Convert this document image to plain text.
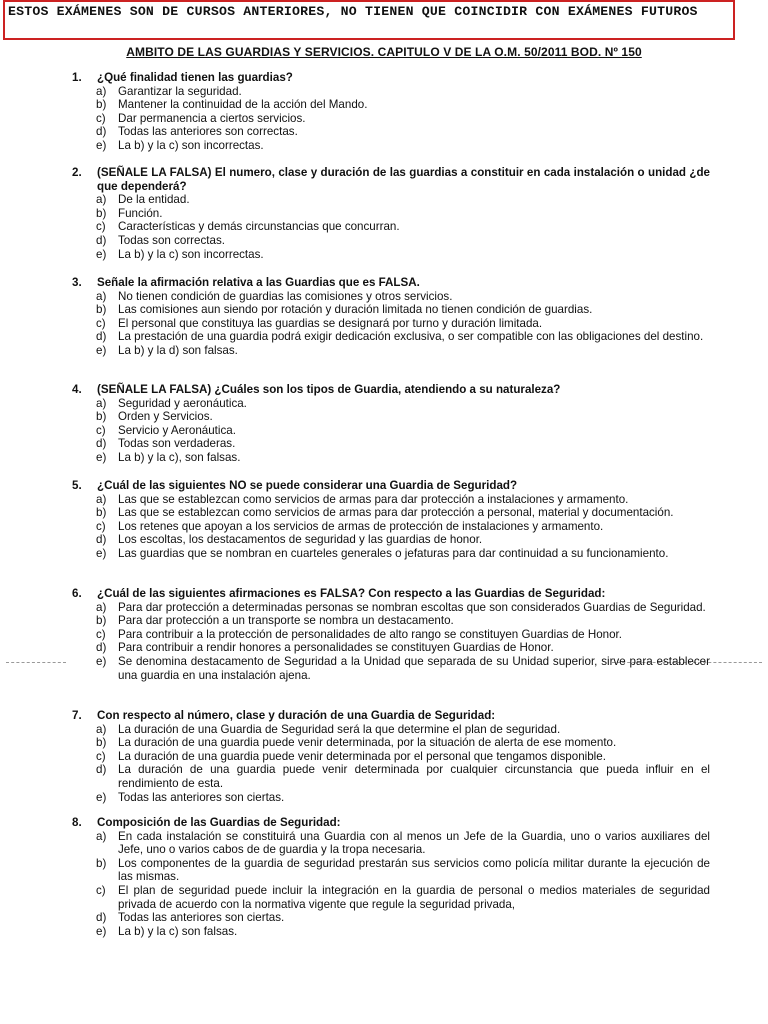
ESTOS EXÁMENES SON DE CURSOS ANTERIORES, NO TIENEN QUE COINCIDIR CON EXÁMENES FUTUROS
AMBITO DE LAS GUARDIAS Y SERVICIOS. CAPITULO V DE LA O.M. 50/2011 BOD. Nº 150
1.	¿Qué finalidad tienen las guardias?
a)	Garantizar la seguridad.
b)	Mantener la continuidad de la acción del Mando.
c)	Dar permanencia a ciertos servicios.
d)	Todas las anteriores son correctas.
e)	La b) y la c) son incorrectas.
2.	(SEÑALE LA FALSA) El numero, clase y duración de las guardias a constituir en cada instalación o unidad ¿de que dependerá?
a)	De la entidad.
b)	Función.
c)	Características y demás circunstancias que concurran.
d)	Todas son correctas.
e)	La b) y la c) son incorrectas.
3.	Señale la afirmación relativa a las Guardias que es FALSA.
a)	No tienen condición de guardias las comisiones y otros servicios.
b)	Las comisiones aun siendo por rotación y duración limitada no tienen condición de guardias.
c)	El personal que constituya las guardias se designará por turno y duración limitada.
d)	La prestación de una guardia podrá exigir dedicación exclusiva, o ser compatible con las obligaciones del destino.
e)	La b) y la d) son falsas.
4.	(SEÑALE LA FALSA) ¿Cuáles son los tipos de Guardia, atendiendo a su naturaleza?
a)	Seguridad y aeronáutica.
b)	Orden y Servicios.
c)	Servicio y Aeronáutica.
d)	Todas son verdaderas.
e)	La b) y la c), son falsas.
5.	¿Cuál de las siguientes NO se puede considerar una Guardia de Seguridad?
a)	Las que se establezcan como servicios de armas para dar protección a instalaciones y armamento.
b)	Las que se establezcan como servicios de armas para dar protección a personal, material y documentación.
c)	Los retenes que apoyan a los servicios de armas de protección de instalaciones y armamento.
d)	Los escoltas, los destacamentos de seguridad y las guardias de honor.
e)	Las guardias que se nombran en cuarteles generales o jefaturas para dar continuidad a su funcionamiento.
6.	¿Cuál de las siguientes afirmaciones es FALSA? Con respecto a las Guardias de Seguridad:
a)	Para dar protección a determinadas personas se nombran escoltas que son considerados Guardias de Seguridad.
b)	Para dar protección a un transporte se nombra un destacamento.
c)	Para contribuir a la protección de personalidades de alto rango se constituyen Guardias de Honor.
d)	Para contribuir a rendir honores a personalidades se constituyen Guardias de Honor.
e)	Se denomina destacamento de Seguridad a la Unidad que separada de su Unidad superior, sirve para establecer una guardia en una instalación ajena.
7.	Con respecto al número, clase y duración de una Guardia de Seguridad:
a)	La duración de una Guardia de Seguridad será la que determine el plan de seguridad.
b)	La duración de una guardia puede venir determinada, por la situación de alerta de ese momento.
c)	La duración de una guardia puede venir determinada por el personal que tengamos disponible.
d)	La duración de una guardia puede venir determinada por cualquier circunstancia que pueda influir en el rendimiento de esta.
e)	Todas las anteriores son ciertas.
8.	Composición de las Guardias de Seguridad:
a)	En cada instalación se constituirá una Guardia con al menos un Jefe de la Guardia, uno o varios auxiliares del Jefe, uno o varios cabos de de guardia y la tropa necesaria.
b)	Los componentes de la guardia de seguridad prestarán sus servicios como policía militar durante la ejecución de las mismas.
c)	El plan de seguridad puede incluir la integración en la guardia de personal o medios materiales de seguridad privada de acuerdo con la normativa vigente que regule la seguridad privada,
d)	Todas las anteriores son ciertas.
e)	La b) y la c) son falsas.
